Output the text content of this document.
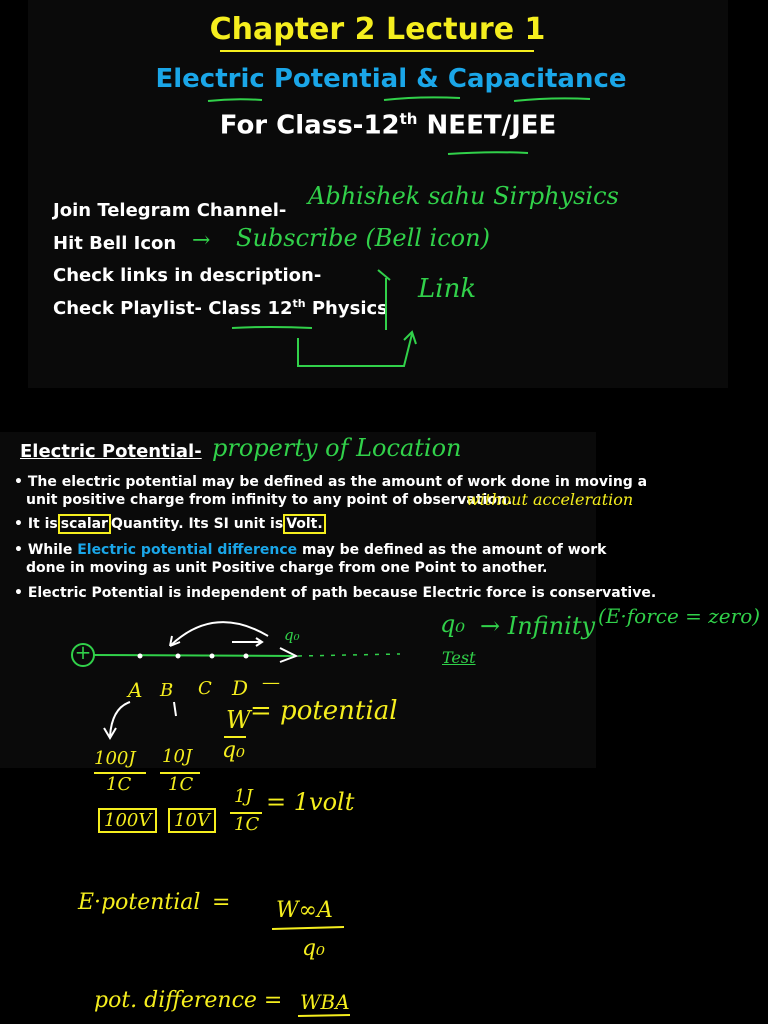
Chapter 2 Lecture 1
Electric Potential & Capacitance
For Class-12th NEET/JEE
Join Telegram Channel-
Hit Bell Icon
Check links in description-
Check Playlist- Class 12th Physics
Abhishek sahu Sirphysics
→ Subscribe (Bell icon)
Link
Electric Potential- property of Location
• The electric potential may be defined as the amount of work done in moving a
unit positive charge from infinity to any point of observation.
without acceleration
• It is scalar Quantity. Its SI unit is Volt.
• While Electric potential difference may be defined as the amount of work
done in moving as unit Positive charge from one Point to another.
• Electric Potential is independent of path because Electric force is conservative.
+
q₀	q₀ → Infinity (E·force = zero)
Test
A B C D —
W
q₀
= potential
100J
1C
10J
1C
100V	10V
1J
1C
= 1volt
E·potential = W∞A
q₀
pot. difference = WBA
